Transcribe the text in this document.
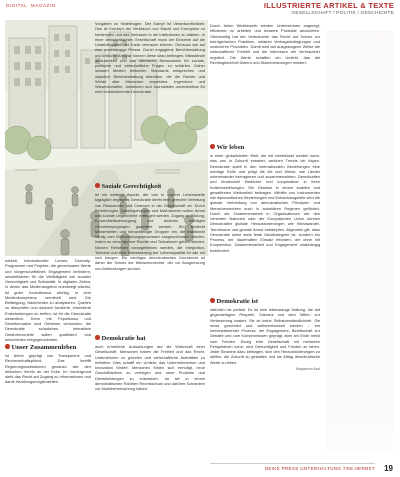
DIGITAL MAGAZIN	ILLUSTRIERTE ARTIKEL & TEXTE
GESELLSCHAFT / POLITIK / GESCHICHTE

wickelt. Interkultureller Lernen, Diversity-Programme und Projekte, die gemeinsame Werte und bürgerschaftliches Engagement befördern, sensibilisieren für die Vielfältigkeit von sozialer Gerechtigkeit und Solidarität. In digitalen Zeiten, in denen das Medienangebot unentwegt wächst, ist guter Journalismus wichtig, in dem Medienkompetenz vermittelt wird. Die Befähigung, Nachrichten zu analysieren, Quellen zu überprüfen und dadurch fundierte, informierte Entscheidungen zu treffen, ist für die Demokratie wesentlich. Denn mit Populismus und Desinformation sind Gefahren verbunden, die Demokratie schwächen. Interaktive Gefahrenvorteile sollen qualifiziert und entschieden entgegenzutreten.

Unser Zusammenleben

ist ferner geprägt von Transparenz und Rechenschaftspflicht. Das betrifft Regierungsinstitutionen genauso wie den ethischen Verein an der Ecke. Im Vordergrund steht das Recht auf Zugang zu Informationen und damit Handlungsmöglichkeiten

Vorgaben zu hinterfragen. Der Kampf ist Verantwortlichkeit. Das ist Konzept der Verbrauch von Macht und Korruption zu bekämpfen und das Vertrauen in die Institutionen zu stärken. In einer demokratischen Gesellschaft muss der Einzelne auf die Unabhängigkeit der Justiz vertrauen können. Genauso wie auf eine unabhängige Presse. Durch engagierte Berichterstattung und kritische Analyse können diese dazu beitragen, Missstände aufzudecken und das öffentliche Bewusstsein für soziale, politische und wirtschaftliche Fragen zu schärfen. Daher müssen Medien ethischen Standards entsprechen und objektive Berichterstattung betreiben, die die Rechte und Würde aller Menschen respektiert. Ingenieure und Wissenschaftler, Juristinnen und Journalisten unverzichtbar für eine funktionierende Demokratie.

Soziale Gerechtigkeit

ist ein weiterer Aspekt, der uns in unserer Lebenswelte tagtäglich begegnet. Demokratie strebt eine gerechte Verteilung von Ressourcen und Chancen in der Gesellschaft an. Durch Bemühungen, Gesetzgebungen und Maßnahmen sollen Armut und soziale Ungleichheit verringert werden. Zugang zu Bildung, Gesundheitsversorgung und anderen wichtigen Grundversorgungen garantiert werden. Ein schlecht Minderheiten und benachteiligte Gruppen ein, die traditionell häufig vom Entscheidungsprozessen ausgeschlossen werden. Indem es verschiedene Rechte und Teilnahmen gehört werden, können Reformen vorangetrieben werden, die Integration, Toleranz und eine Verbesserung der Lebensqualität für alle mit sich bringen. Ein wichtiges demokratisches Grundrecht ist daher der Schutz der Menschenrechte, der vor Ausgrenzung und Anfeindungen schützt.

Demokratie hat

auch erhebliche Auswirkungen auf die Wirtschaft einer Gesellschaft. Menschen haben die Freiheit und das Recht, Unternehmen zu gründen und wirtschaftliche Aktivitäten zu entfalten. Dies schafft ein Umfeld, das Unternehmertum und Innovation fördert. Menschen fühlen sich ermutigt, neue Geschäftsideen zu verfolgen und neue Produkte und Dienstleistungen zu entwickeln, da sie in einem demokratischen Rahmen Rechtsschutz und darüber Schranken vor Marktbeherrschung haben.

Durch freien Wettbewerb werden Unternehmen angeregt, effizienter zu arbeiten und bessere Produkte anzubieten. Gleichzeitig hat der Verbraucher das Recht auf Schutz vor betrügerischen Praktiken, unfairen Vertragsbedingungen und unsicheren Produkten. Damit wird auf ausgewogene Weise die wirtschaftliche Freiheit und die Interessen der Verbraucher reguliert. Die Werte schaffen ein Umfeld, das die Rechtsgleichheit fördern und Diskriminierungen mindert.

Wir leben

in einer globalisierten Welt, die mit beeinflusst werden kann, was uns in Zukunft erwartet, welchen Trends wir folgen. Demokratie spielt in den internationalen Beziehungen eine wichtige Rolle und prägt die Art und Weise, wie Länder untereinander interagieren und zusammenwirken. Demokratien und tendenziell friedlicher und kooperativer in ihren Außenbeziehungen. Die Gesetze in einem stabilen und gewaltfreien Weltumfeld beitragen. Mithilfe von Instrumenten wie diplomatischen Beziehungen und Entwicklungshilfe wird die globale Verbreitung von demokratischen Prinzipien und Menschenrechten auch in autoritären Regimen gefördert. Durch die Zusammenarbeit in Organisationen wie den Vereinten Nationen oder der Europäischen Union können Demokratien globale Herausforderungen wie Klimawandel, Terrorismus und globale Armut bekämpfen. Allgemein gilt, dass Demokratie keine stets feste Denkkategorie ist, sondern ein Prozess, der dauerhaften Einsatz erfordert, der ohne mit Kooperation, Zusammenarbeit und Engagement unabhängig funktioniert.

Demokratie ist

natürlich nie perfekt. Es ist eine lebenslange Haltung, die auf gegenseitigem Respekt, Toleranz und dem Willen zur Veränderung basiert. Sie ist keine Selbstverständlichkeit. Sie muss geschützt und weiterentwickelt werden – ein immerwährender Prozess, der Engagement, Bereitschaft zur Debatte und zum Kompromissen geprägt, aber am Ende meist zum Frieden. Einzig eine Gesellschaft mit mehreren Perspektiven kann, wird Gerechtigkeit und Frieden zu leben. Jeder Einzelne dazu beitragen, sich den Herausforderungen zu stellen, die Zukunft zu gestalten und sie Alltag demokratische Werte zu leben.

Magdalena Asal
DEIKE PRESS UNTERHALTUNG 7/68 HERBST 19
